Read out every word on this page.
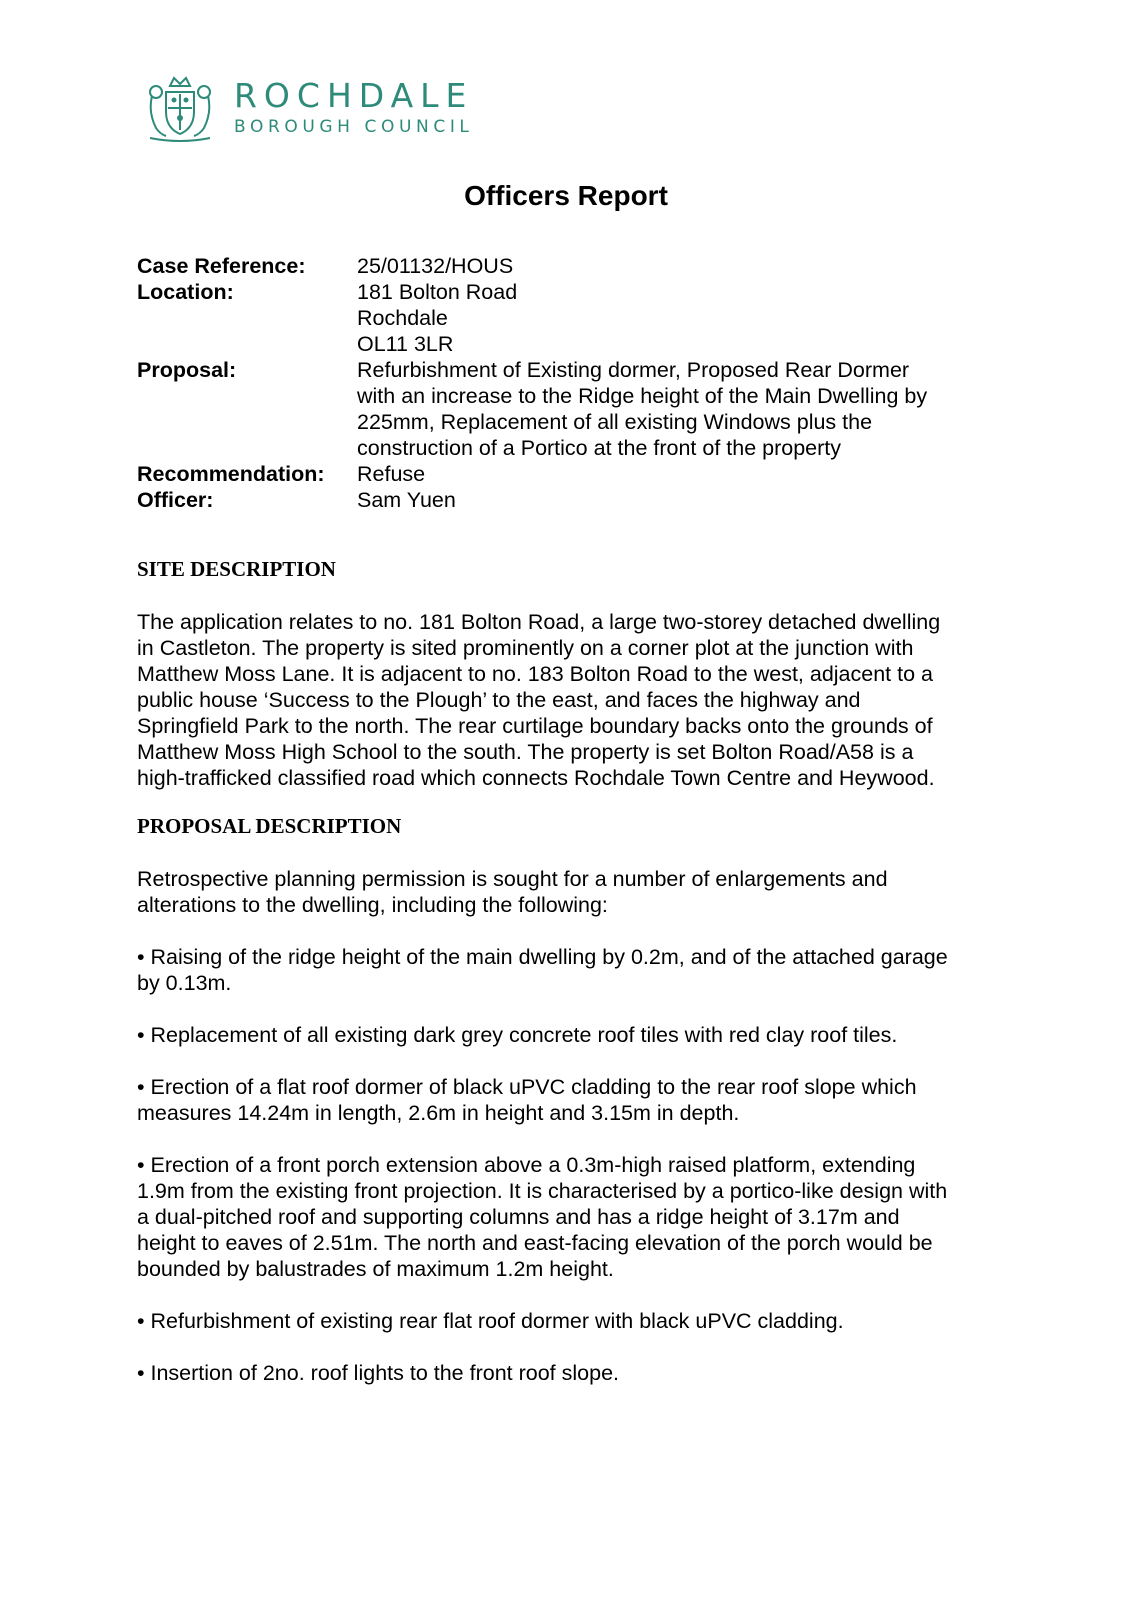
ROCHDALE
BOROUGH COUNCIL
Officers Report
Case Reference:	25/01132/HOUS
Location:	181 Bolton Road
Rochdale
OL11 3LR
Proposal:	Refurbishment of Existing dormer, Proposed Rear Dormer
with an increase to the Ridge height of the Main Dwelling by
225mm, Replacement of all existing Windows plus the
construction of a Portico at the front of the property
Recommendation:	Refuse
Officer:	Sam Yuen
SITE DESCRIPTION
The application relates to no. 181 Bolton Road, a large two-storey detached dwelling
in Castleton. The property is sited prominently on a corner plot at the junction with
Matthew Moss Lane. It is adjacent to no. 183 Bolton Road to the west, adjacent to a
public house ‘Success to the Plough’ to the east, and faces the highway and
Springfield Park to the north. The rear curtilage boundary backs onto the grounds of
Matthew Moss High School to the south. The property is set Bolton Road/A58 is a
high-trafficked classified road which connects Rochdale Town Centre and Heywood.
PROPOSAL DESCRIPTION
Retrospective planning permission is sought for a number of enlargements and
alterations to the dwelling, including the following:
• Raising of the ridge height of the main dwelling by 0.2m, and of the attached garage
by 0.13m.
• Replacement of all existing dark grey concrete roof tiles with red clay roof tiles.
• Erection of a flat roof dormer of black uPVC cladding to the rear roof slope which
measures 14.24m in length, 2.6m in height and 3.15m in depth.
• Erection of a front porch extension above a 0.3m-high raised platform, extending
1.9m from the existing front projection. It is characterised by a portico-like design with
a dual-pitched roof and supporting columns and has a ridge height of 3.17m and
height to eaves of 2.51m. The north and east-facing elevation of the porch would be
bounded by balustrades of maximum 1.2m height.
• Refurbishment of existing rear flat roof dormer with black uPVC cladding.
• Insertion of 2no. roof lights to the front roof slope.
